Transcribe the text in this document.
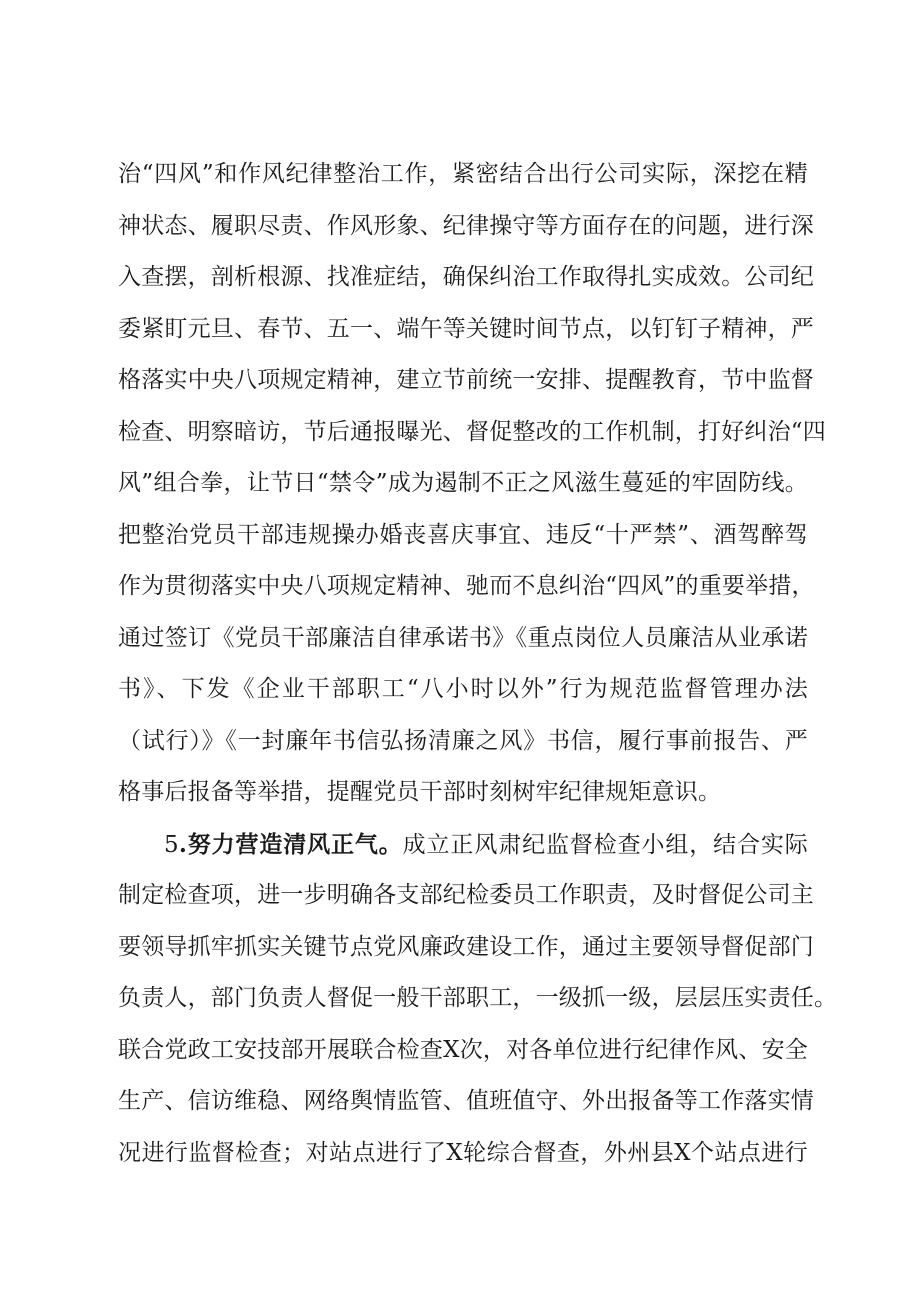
治“四风”和作风纪律整治工作，紧密结合出行公司实际，深挖在精
神状态、履职尽责、作风形象、纪律操守等方面存在的问题，进行深
入查摆，剖析根源、找准症结，确保纠治工作取得扎实成效。公司纪
委紧盯元旦、春节、五一、端午等关键时间节点，以钉钉子精神，严
格落实中央八项规定精神，建立节前统一安排、提醒教育，节中监督
检查、明察暗访，节后通报曝光、督促整改的工作机制，打好纠治“四
风”组合拳，让节日“禁令”成为遏制不正之风滋生蔓延的牢固防线。
把整治党员干部违规操办婚丧喜庆事宜、违反“十严禁”、酒驾醉驾
作为贯彻落实中央八项规定精神、驰而不息纠治“四风”的重要举措，
通过签订《党员干部廉洁自律承诺书》《重点岗位人员廉洁从业承诺
书》、下发《企业干部职工“八小时以外”行为规范监督管理办法
（试行）》《一封廉年书信弘扬清廉之风》书信，履行事前报告、严
格事后报备等举措，提醒党员干部时刻树牢纪律规矩意识。
5.努力营造清风正气。成立正风肃纪监督检查小组，结合实际
制定检查项，进一步明确各支部纪检委员工作职责，及时督促公司主
要领导抓牢抓实关键节点党风廉政建设工作，通过主要领导督促部门
负责人，部门负责人督促一般干部职工，一级抓一级，层层压实责任。
联合党政工安技部开展联合检查X次，对各单位进行纪律作风、安全
生产、信访维稳、网络舆情监管、值班值守、外出报备等工作落实情
况进行监督检查；对站点进行了X轮综合督查，外州县X个站点进行
